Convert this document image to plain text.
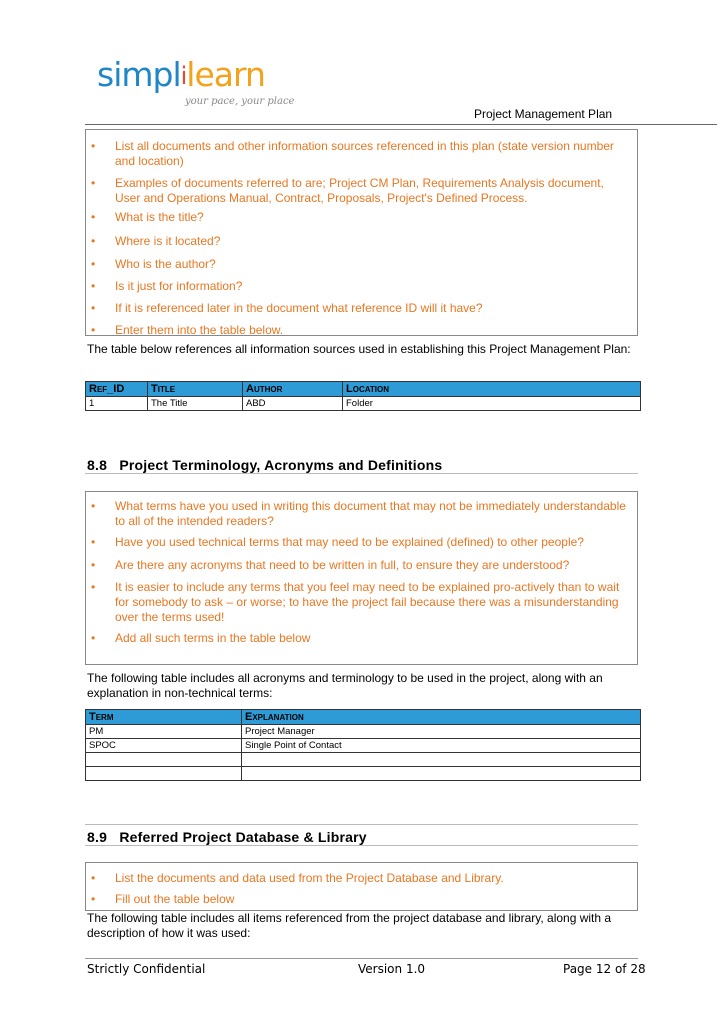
simplilearn
your pace, your place
Project Management Plan
• List all documents and other information sources referenced in this plan (state version number and location)
• Examples of documents referred to are; Project CM Plan, Requirements Analysis document, User and Operations Manual, Contract, Proposals, Project's Defined Process.
• What is the title?
• Where is it located?
• Who is the author?
• Is it just for information?
• If it is referenced later in the document what reference ID will it have?
• Enter them into the table below.
The table below references all information sources used in establishing this Project Management Plan:
Ref_ID	Title	Author	Location
1	The Title	ABD	Folder
8.8 Project Terminology, Acronyms and Definitions
• What terms have you used in writing this document that may not be immediately understandable to all of the intended readers?
• Have you used technical terms that may need to be explained (defined) to other people?
• Are there any acronyms that need to be written in full, to ensure they are understood?
• It is easier to include any terms that you feel may need to be explained pro-actively than to wait for somebody to ask – or worse; to have the project fail because there was a misunderstanding over the terms used!
• Add all such terms in the table below
The following table includes all acronyms and terminology to be used in the project, along with an explanation in non-technical terms:
Term	Explanation
PM	Project Manager
SPOC	Single Point of Contact

8.9 Referred Project Database & Library
• List the documents and data used from the Project Database and Library.
• Fill out the table below
The following table includes all items referenced from the project database and library, along with a description of how it was used:
Strictly Confidential	Version 1.0	Page 12 of 28
